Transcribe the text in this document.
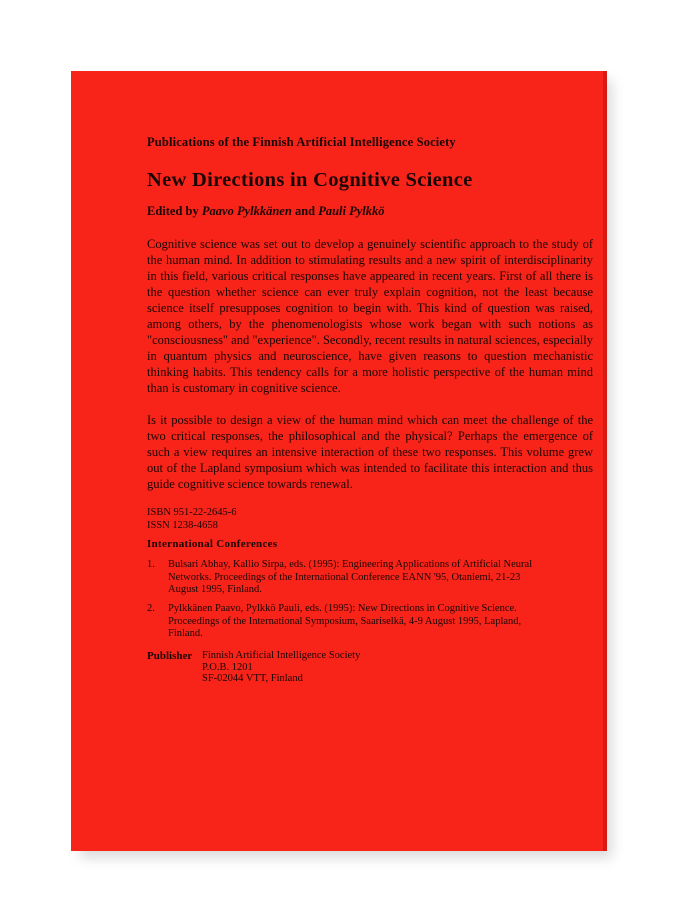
Publications of the Finnish Artificial Intelligence Society
New Directions in Cognitive Science
Edited by Paavo Pylkkänen and Pauli Pylkkö

Cognitive science was set out to develop a genuinely scientific approach to the study of the human mind. In addition to stimulating results and a new spirit of interdisciplinarity in this field, various critical responses have appeared in recent years. First of all there is the question whether science can ever truly explain cognition, not the least because science itself presupposes cognition to begin with. This kind of question was raised, among others, by the phenomenologists whose work began with such notions as "consciousness" and "experience". Secondly, recent results in natural sciences, especially in quantum physics and neuroscience, have given reasons to question mechanistic thinking habits. This tendency calls for a more holistic perspective of the human mind than is customary in cognitive science.

Is it possible to design a view of the human mind which can meet the challenge of the two critical responses, the philosophical and the physical? Perhaps the emergence of such a view requires an intensive interaction of these two responses. This volume grew out of the Lapland symposium which was intended to facilitate this interaction and thus guide cognitive science towards renewal.

ISBN 951-22-2645-6
ISSN 1238-4658
International Conferences
1. Bulsari Abhay, Kallio Sirpa, eds. (1995): Engineering Applications of Artificial Neural Networks. Proceedings of the International Conference EANN '95, Otaniemi, 21-23 August 1995, Finland.
2. Pylkkänen Paavo, Pylkkö Pauli, eds. (1995): New Directions in Cognitive Science. Proceedings of the International Symposium, Saariselkä, 4-9 August 1995, Lapland, Finland.
Publisher Finnish Artificial Intelligence Society
P.O.B. 1201
SF-02044 VTT, Finland
